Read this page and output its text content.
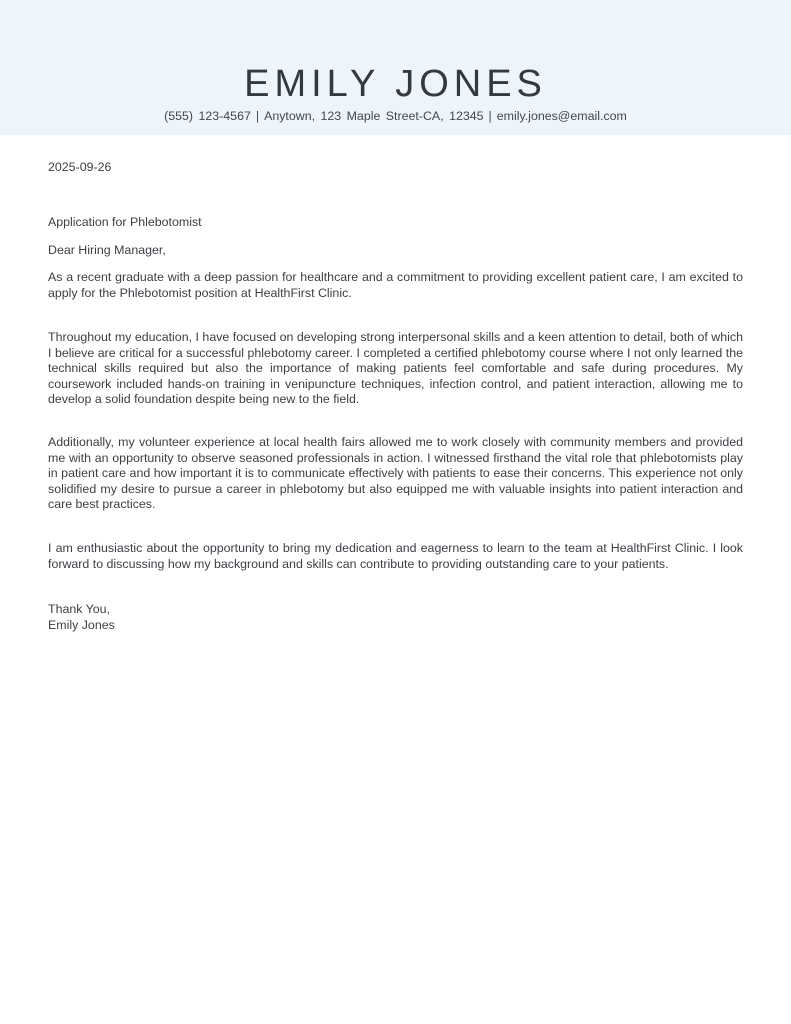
EMILY JONES
(555) 123-4567 | Anytown, 123 Maple Street-CA, 12345 | emily.jones@email.com
2025-09-26
Application for Phlebotomist
Dear Hiring Manager,
As a recent graduate with a deep passion for healthcare and a commitment to providing excellent patient care, I am excited to apply for the Phlebotomist position at HealthFirst Clinic.
Throughout my education, I have focused on developing strong interpersonal skills and a keen attention to detail, both of which I believe are critical for a successful phlebotomy career. I completed a certified phlebotomy course where I not only learned the technical skills required but also the importance of making patients feel comfortable and safe during procedures. My coursework included hands-on training in venipuncture techniques, infection control, and patient interaction, allowing me to develop a solid foundation despite being new to the field.
Additionally, my volunteer experience at local health fairs allowed me to work closely with community members and provided me with an opportunity to observe seasoned professionals in action. I witnessed firsthand the vital role that phlebotomists play in patient care and how important it is to communicate effectively with patients to ease their concerns. This experience not only solidified my desire to pursue a career in phlebotomy but also equipped me with valuable insights into patient interaction and care best practices.
I am enthusiastic about the opportunity to bring my dedication and eagerness to learn to the team at HealthFirst Clinic. I look forward to discussing how my background and skills can contribute to providing outstanding care to your patients.
Thank You,
Emily Jones
